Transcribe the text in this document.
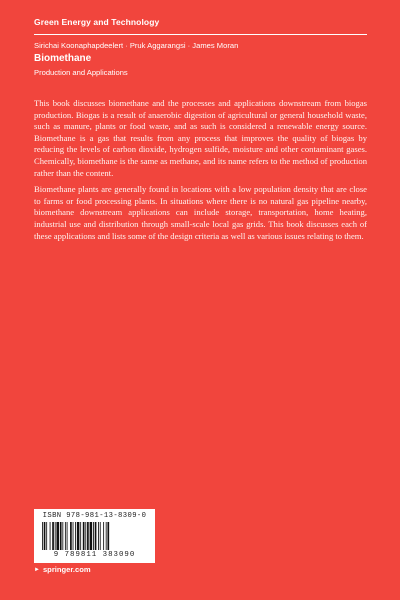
Green Energy and Technology
Sirichai Koonaphapdeelert · Pruk Aggarangsi · James Moran
Biomethane
Production and Applications

This book discusses biomethane and the processes and applications downstream from biogas production. Biogas is a result of anaerobic digestion of agricultural or general household waste, such as manure, plants or food waste, and as such is considered a renewable energy source. Biomethane is a gas that results from any process that improves the quality of biogas by reducing the levels of carbon dioxide, hydrogen sulfide, moisture and other contaminant gases. Chemically, biomethane is the same as methane, and its name refers to the method of production rather than the content.

Biomethane plants are generally found in locations with a low population density that are close to farms or food processing plants. In situations where there is no natural gas pipeline nearby, biomethane downstream applications can include storage, transportation, home heating, industrial use and distribution through small-scale local gas grids. This book discusses each of these applications and lists some of the design criteria as well as various issues relating to them.

ISBN 978-981-13-8309-0
9 789811 383090
► springer.com
